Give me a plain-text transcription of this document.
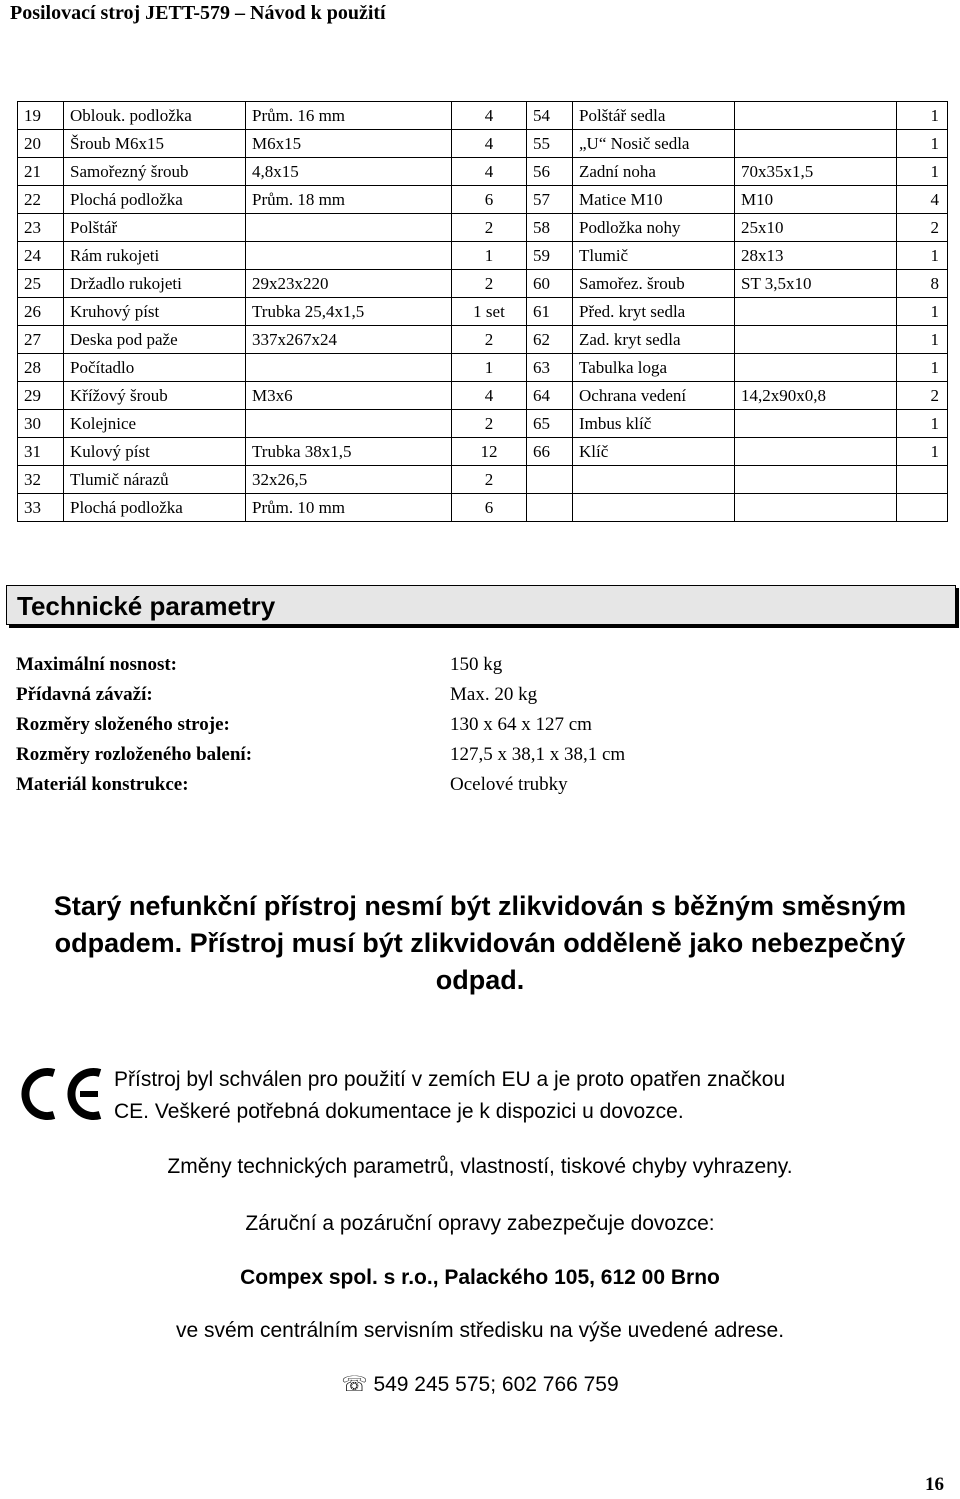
Posilovací stroj JETT-579 – Návod k použití
19	Oblouk. podložka	Prům. 16 mm	4	54	Polštář sedla		1
20	Šroub M6x15	M6x15	4	55	„U“ Nosič sedla		1
21	Samořezný šroub	4,8x15	4	56	Zadní noha	70x35x1,5	1
22	Plochá podložka	Prům. 18 mm	6	57	Matice M10	M10	4
23	Polštář		2	58	Podložka nohy	25x10	2
24	Rám rukojeti		1	59	Tlumič	28x13	1
25	Držadlo rukojeti	29x23x220	2	60	Samořez. šroub	ST 3,5x10	8
26	Kruhový píst	Trubka 25,4x1,5	1 set	61	Před. kryt sedla		1
27	Deska pod paže	337x267x24	2	62	Zad. kryt sedla		1
28	Počítadlo		1	63	Tabulka loga		1
29	Křížový šroub	M3x6	4	64	Ochrana vedení	14,2x90x0,8	2
30	Kolejnice		2	65	Imbus klíč		1
31	Kulový píst	Trubka 38x1,5	12	66	Klíč		1
32	Tlumič nárazů	32x26,5	2				
33	Plochá podložka	Prům. 10 mm	6				
Technické parametry
Maximální nosnost:	150 kg
Přídavná závaží:	Max. 20 kg
Rozměry složeného stroje:	130 x 64 x 127 cm
Rozměry rozloženého balení:	127,5 x 38,1 x 38,1 cm
Materiál konstrukce:	Ocelové trubky
Starý nefunkční přístroj nesmí být zlikvidován s běžným směsným
odpadem. Přístroj musí být zlikvidován odděleně jako nebezpečný
odpad.
Přístroj byl schválen pro použití v zemích EU a je proto opatřen značkou
CE. Veškeré potřebná dokumentace je k dispozici u dovozce.
Změny technických parametrů, vlastností, tiskové chyby vyhrazeny.
Záruční a pozáruční opravy zabezpečuje dovozce:
Compex spol. s r.o., Palackého 105, 612 00 Brno
ve svém centrálním servisním středisku na výše uvedené adrese.
☏ 549 245 575; 602 766 759
16
